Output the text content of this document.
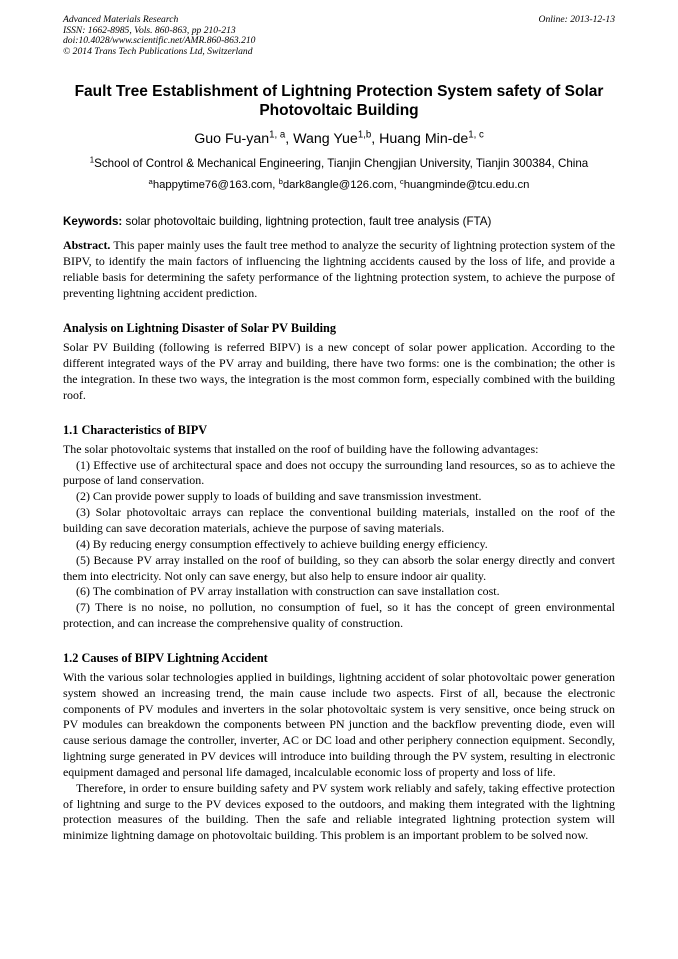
Advanced Materials Research
ISSN: 1662-8985, Vols. 860-863, pp 210-213
doi:10.4028/www.scientific.net/AMR.860-863.210
© 2014 Trans Tech Publications Ltd, Switzerland
Online: 2013-12-13
Fault Tree Establishment of Lightning Protection System safety of Solar Photovoltaic Building
Guo Fu-yan$^{1, a}$, Wang Yue$^{1,b}$, Huang Min-de$^{1, c}$
$^1$School of Control & Mechanical Engineering, Tianjin Chengjian University, Tianjin 300384, China
$^a$happytime76@163.com, $^b$dark8angle@126.com, $^c$huangminde@tcu.edu.cn
Keywords: solar photovoltaic building, lightning protection, fault tree analysis (FTA)

Abstract. This paper mainly uses the fault tree method to analyze the security of lightning protection system of the BIPV, to identify the main factors of influencing the lightning accidents caused by the loss of life, and provide a reliable basis for determining the safety performance of the lightning protection system, to achieve the purpose of preventing lightning accident prediction.

Analysis on Lightning Disaster of Solar PV Building

Solar PV Building (following is referred BIPV) is a new concept of solar power application. According to the different integrated ways of the PV array and building, there have two forms: one is the combination; the other is the integration. In these two ways, the integration is the most common form, especially combined with the building roof.

1.1 Characteristics of BIPV

The solar photovoltaic systems that installed on the roof of building have the following advantages:

(1) Effective use of architectural space and does not occupy the surrounding land resources, so as to achieve the purpose of land conservation.

(2) Can provide power supply to loads of building and save transmission investment.

(3) Solar photovoltaic arrays can replace the conventional building materials, installed on the roof of the building can save decoration materials, achieve the purpose of saving materials.

(4) By reducing energy consumption effectively to achieve building energy efficiency.

(5) Because PV array installed on the roof of building, so they can absorb the solar energy directly and convert them into electricity. Not only can save energy, but also help to ensure indoor air quality.

(6) The combination of PV array installation with construction can save installation cost.

(7) There is no noise, no pollution, no consumption of fuel, so it has the concept of green environmental protection, and can increase the comprehensive quality of construction.

1.2 Causes of BIPV Lightning Accident

With the various solar technologies applied in buildings, lightning accident of solar photovoltaic power generation system showed an increasing trend, the main cause include two aspects. First of all, because the electronic components of PV modules and inverters in the solar photovoltaic system is very sensitive, once being struck on PV modules can breakdown the components between PN junction and the backflow preventing diode, even will cause serious damage the controller, inverter, AC or DC load and other periphery connection equipment. Secondly, lightning surge generated in PV devices will introduce into building through the PV system, resulting in electronic equipment damaged and personal life damaged, incalculable economic loss of property and loss of life.

Therefore, in order to ensure building safety and PV system work reliably and safely, taking effective protection of lightning and surge to the PV devices exposed to the outdoors, and making them integrated with the lightning protection measures of the building. Then the safe and reliable integrated lightning protection system will minimize lightning damage on photovoltaic building. This problem is an important problem to be solved now.
